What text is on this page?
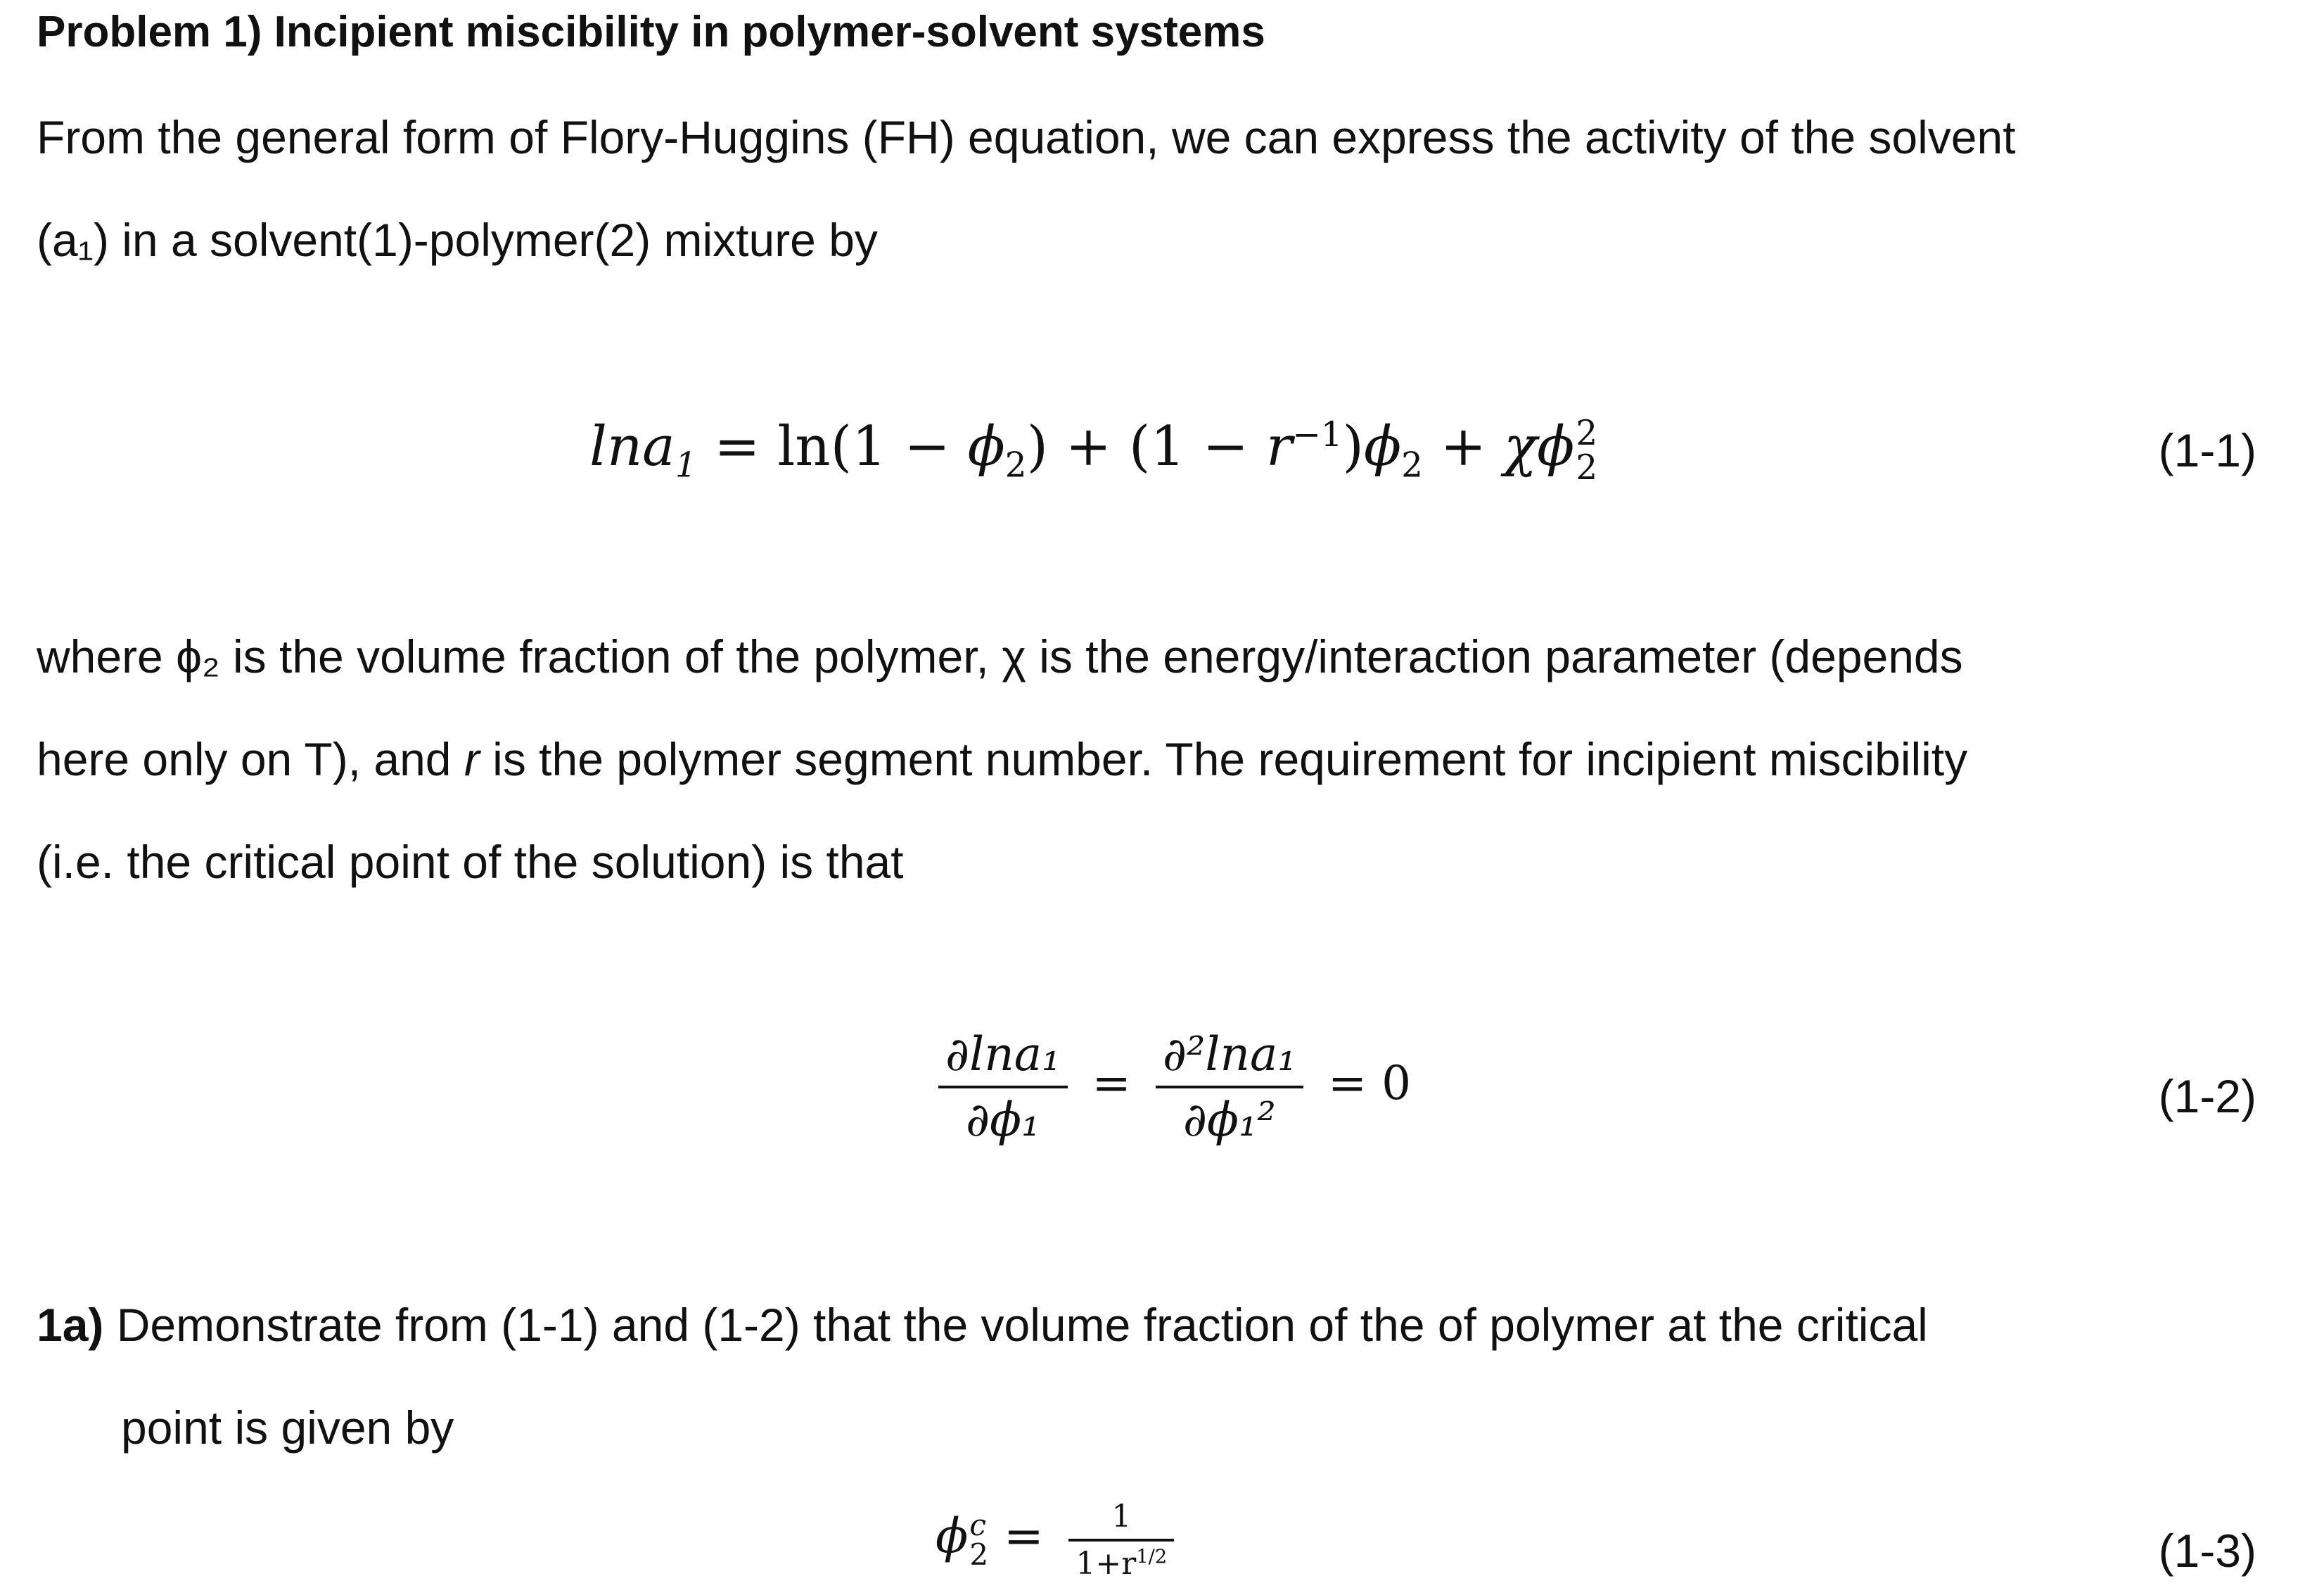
Problem 1) Incipient miscibility in polymer-solvent systems
From the general form of Flory-Huggins (FH) equation, we can express the activity of the solvent
(a₁) in a solvent(1)-polymer(2) mixture by
$\ln a_1 = \ln(1 - \phi_2) + (1 - r^{-1})\phi_2 + \chi\phi$ 2
2	(1-1)
where ϕ₂ is the volume fraction of the polymer, χ is the energy/interaction parameter (depends
here only on T), and r is the polymer segment number. The requirement for incipient miscibility
(i.e. the critical point of the solution) is that
$\frac{\text{∂lna₁}}{\text{∂ϕ₁}} = \frac{\text{∂²lna₁}}{\text{∂ϕ₁²}} = 0$	(1-2)
1a) Demonstrate from (1-1) and (1-2) that the volume fraction of the of polymer at the critical
point is given by
ϕ c
$2 = \frac{1}{1+r^{1/2}}$	(1-3)
